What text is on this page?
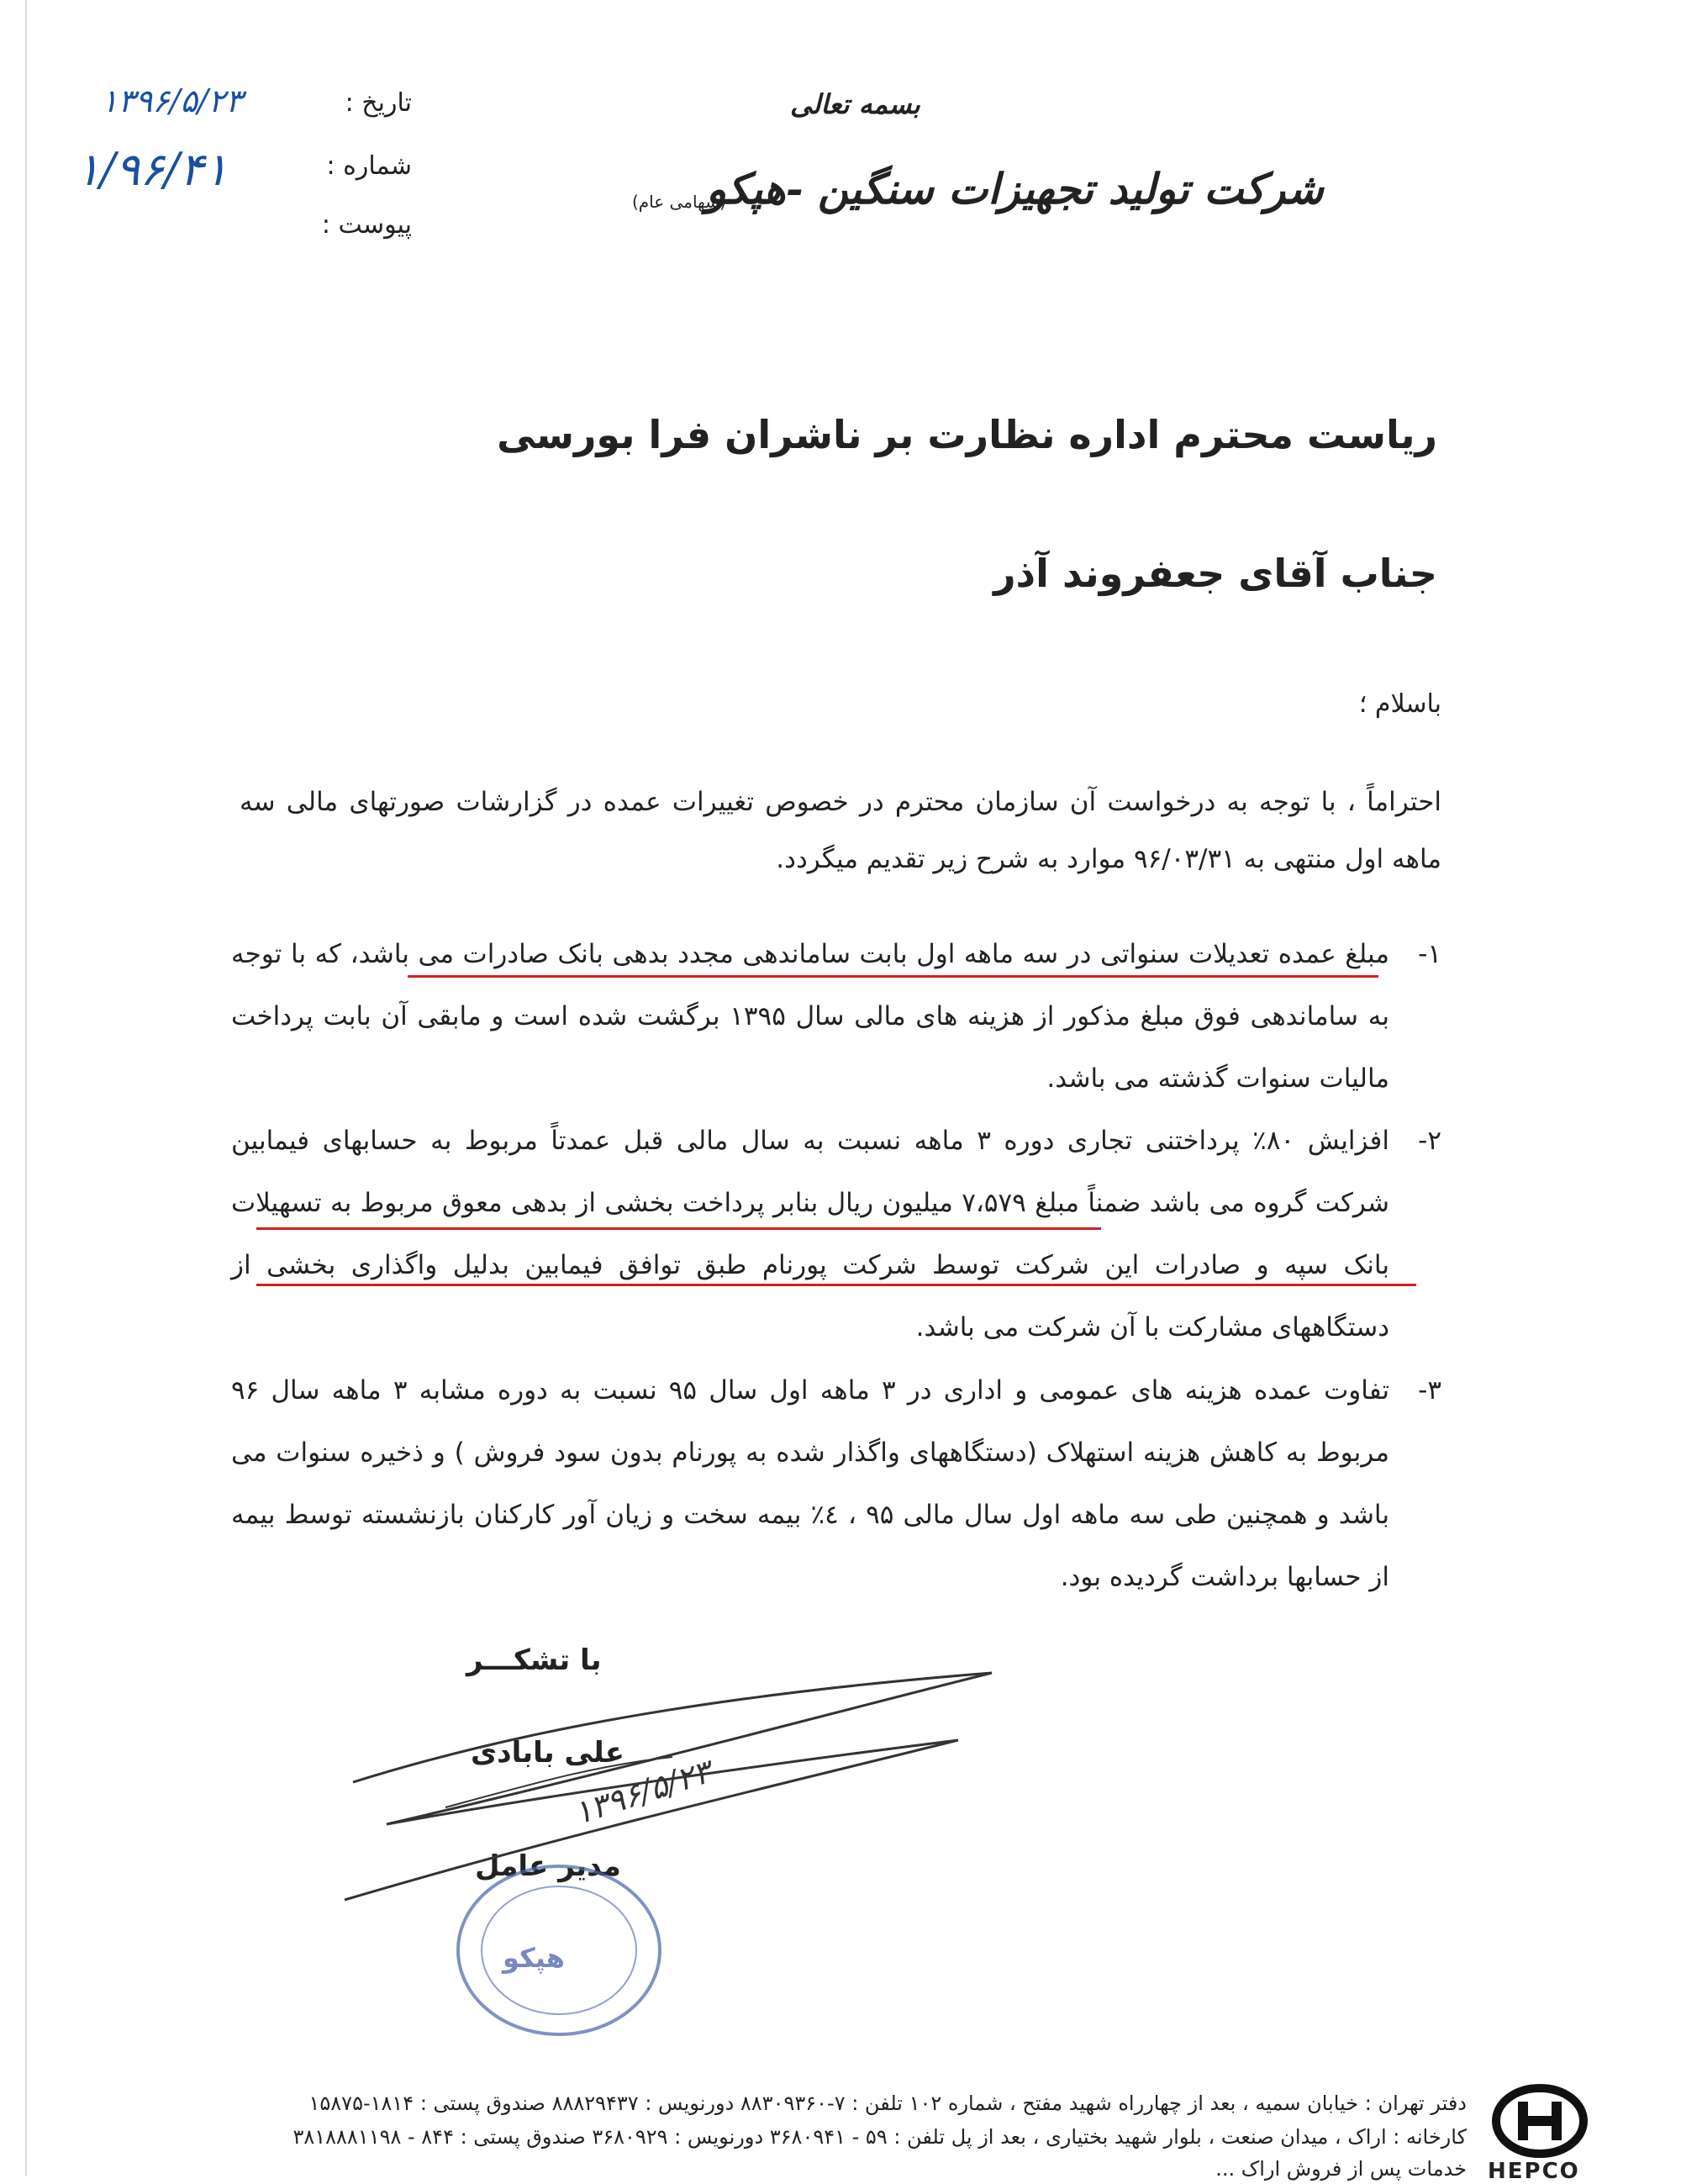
تاریخ :
شماره :
پیوست :
۱۳۹۶/۵/۲۳
۱/۹۶/۴۱
بسمه تعالی
شرکت تولید تجهیزات سنگین -هپکو
(سهامی عام)
ریاست محترم اداره نظارت بر ناشران فرا بورسی
جناب آقای جعفروند آذر
باسلام ؛
احتراماً ، با توجه به درخواست آن سازمان محترم در خصوص تغییرات عمده در گزارشات صورتهای مالی سه ماهه اول منتهی به ۹۶/۰۳/۳۱ موارد به شرح زیر تقدیم میگردد.
۱-
مبلغ عمده تعدیلات سنواتی در سه ماهه اول بابت ساماندهی مجدد بدهی بانک صادرات می باشد، که با توجه به ساماندهی فوق مبلغ مذکور از هزینه های مالی سال ۱۳۹۵ برگشت شده است و مابقی آن بابت پرداخت مالیات سنوات گذشته می باشد.
۲-
افزایش ۸۰٪ پرداختنی تجاری دوره ۳ ماهه نسبت به سال مالی قبل عمدتاً مربوط به حسابهای فیمابین شرکت گروه می باشد ضمناً مبلغ ۷،۵۷۹ میلیون ریال بنابر پرداخت بخشی از بدهی معوق مربوط به تسهیلات بانک سپه و صادرات این شرکت توسط شرکت پورنام طبق توافق فیمابین بدلیل واگذاری بخشی از دستگاههای مشارکت با آن شرکت می باشد.
۳-
تفاوت عمده هزینه های عمومی و اداری در ۳ ماهه اول سال ۹۵ نسبت به دوره مشابه ۳ ماهه سال ۹۶ مربوط به کاهش هزینه استهلاک (دستگاههای واگذار شده به پورنام بدون سود فروش ) و ذخیره سنوات می باشد و همچنین طی سه ماهه اول سال مالی ۹۵ ، ٤٪ بیمه سخت و زیان آور کارکنان بازنشسته توسط بیمه از حسابها برداشت گردیده بود.
با تشکـــر
علی بابادی
مدیر عامل
۱۳۹۶/۵/۲۳
هپکو
دفتر تهران : خیابان سمیه ، بعد از چهارراه شهید مفتح ، شماره ۱۰۲ تلفن : ۷-۸۸۳۰۹۳۶۰ دورنویس : ۸۸۸۲۹۴۳۷ صندوق پستی : ۱۸۱۴-۱۵۸۷۵
کارخانه : اراک ، میدان صنعت ، بلوار شهید بختیاری ، بعد از پل تلفن : ۵۹ - ۳۶۸۰۹۴۱ دورنویس : ۳۶۸۰۹۲۹ صندوق پستی : ۸۴۴ - ۳۸۱۸۸۸۱۱۹۸
خدمات پس از فروش اراک ... HEPCO
